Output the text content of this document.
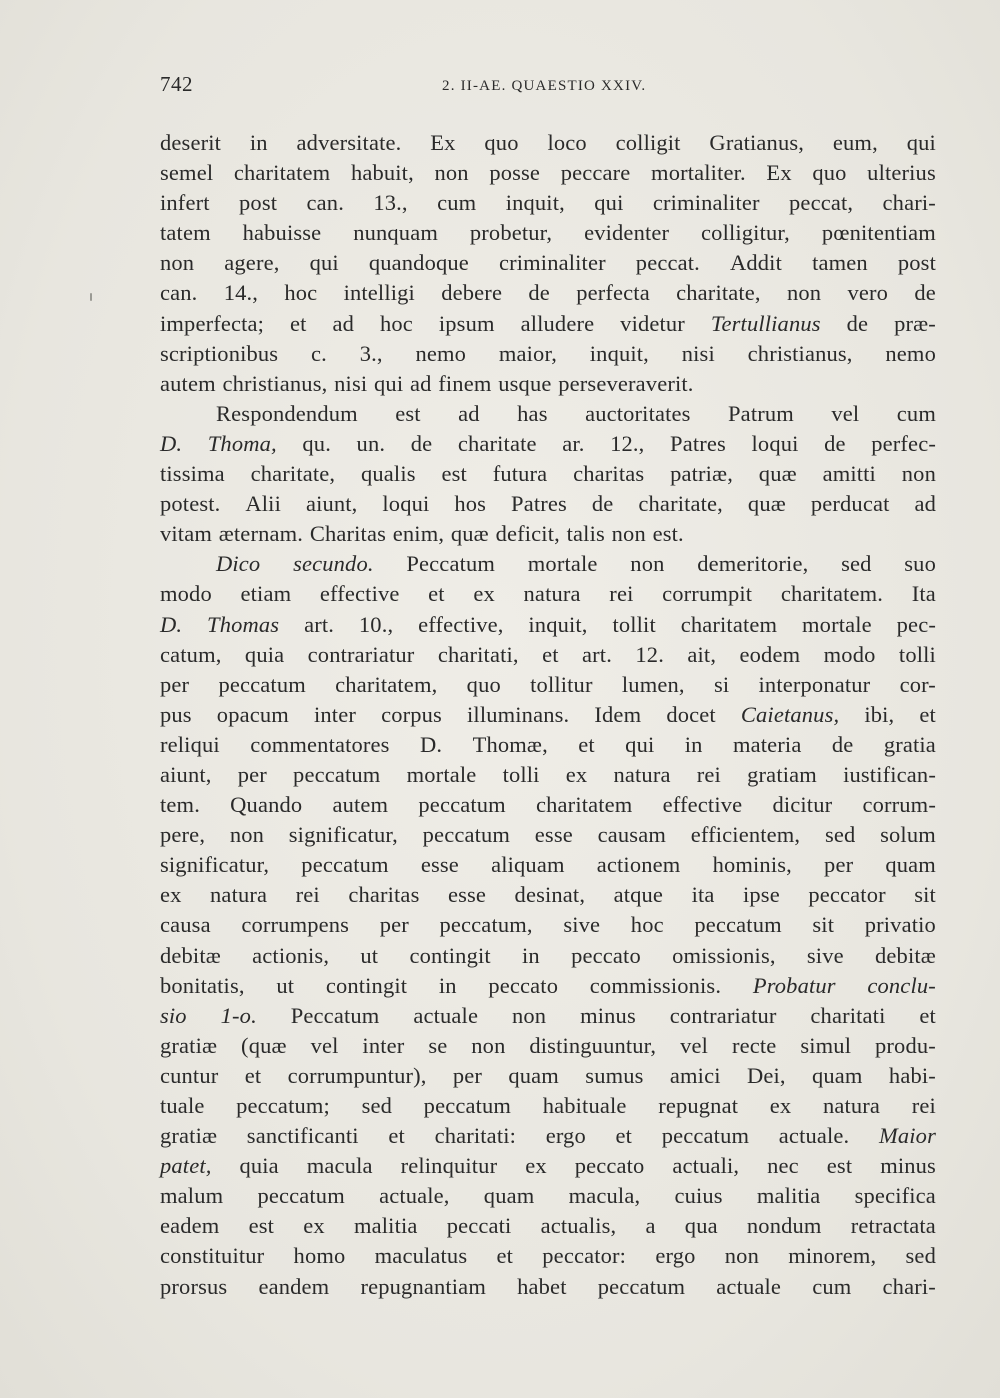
742	2. II-AE. QUAESTIO XXIV.
deserit in adversitate. Ex quo loco colligit Gratianus, eum, qui
semel charitatem habuit, non posse peccare mortaliter. Ex quo ulterius
infert post can. 13., cum inquit, qui criminaliter peccat, chari-
tatem habuisse nunquam probetur, evidenter colligitur, pœnitentiam
non agere, qui quandoque criminaliter peccat. Addit tamen post
can. 14., hoc intelligi debere de perfecta charitate, non vero de
imperfecta; et ad hoc ipsum alludere videtur Tertullianus de præ-
scriptionibus c. 3., nemo maior, inquit, nisi christianus, nemo
autem christianus, nisi qui ad finem usque perseveraverit.
Respondendum est ad has auctoritates Patrum vel cum
D. Thoma, qu. un. de charitate ar. 12., Patres loqui de perfec-
tissima charitate, qualis est futura charitas patriæ, quæ amitti non
potest. Alii aiunt, loqui hos Patres de charitate, quæ perducat ad
vitam æternam. Charitas enim, quæ deficit, talis non est.
Dico secundo. Peccatum mortale non demeritorie, sed suo
modo etiam effective et ex natura rei corrumpit charitatem. Ita
D. Thomas art. 10., effective, inquit, tollit charitatem mortale pec-
catum, quia contrariatur charitati, et art. 12. ait, eodem modo tolli
per peccatum charitatem, quo tollitur lumen, si interponatur cor-
pus opacum inter corpus illuminans. Idem docet Caietanus, ibi, et
reliqui commentatores D. Thomæ, et qui in materia de gratia
aiunt, per peccatum mortale tolli ex natura rei gratiam iustifican-
tem. Quando autem peccatum charitatem effective dicitur corrum-
pere, non significatur, peccatum esse causam efficientem, sed solum
significatur, peccatum esse aliquam actionem hominis, per quam
ex natura rei charitas esse desinat, atque ita ipse peccator sit
causa corrumpens per peccatum, sive hoc peccatum sit privatio
debitæ actionis, ut contingit in peccato omissionis, sive debitæ
bonitatis, ut contingit in peccato commissionis. Probatur conclu-
sio 1-o. Peccatum actuale non minus contrariatur charitati et
gratiæ (quæ vel inter se non distinguuntur, vel recte simul produ-
cuntur et corrumpuntur), per quam sumus amici Dei, quam habi-
tuale peccatum; sed peccatum habituale repugnat ex natura rei
gratiæ sanctificanti et charitati: ergo et peccatum actuale. Maior
patet, quia macula relinquitur ex peccato actuali, nec est minus
malum peccatum actuale, quam macula, cuius malitia specifica
eadem est ex malitia peccati actualis, a qua nondum retractata
constituitur homo maculatus et peccator: ergo non minorem, sed
prorsus eandem repugnantiam habet peccatum actuale cum chari-
